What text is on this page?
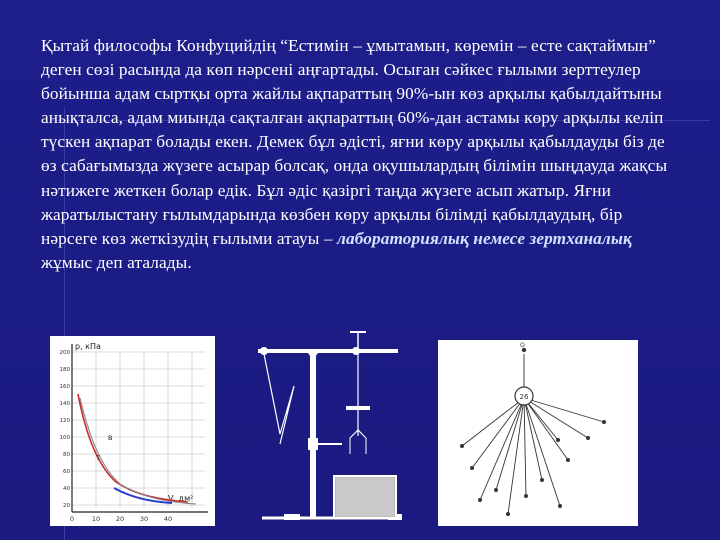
Қытай философы Конфуцийдің “Естимін – ұмытамын, көремін – есте сақтаймын” деген сөзі расында да көп нәрсені аңғартады. Осыған сәйкес ғылыми зерттеулер бойынша адам сыртқы орта жайлы ақпараттың 90%-ын көз арқылы қабылдайтыны анықталса, адам миында сақталған ақпараттың 60%-дан астамы көру арқылы келіп түскен ақпарат болады екен. Демек бұл әдісті, яғни көру арқылы қабылдауды біз де өз сабағымызда жүзеге асырар болсақ, онда оқушылардың білімін шыңдауда жақсы нәтижеге жеткен болар едік. Бұл әдіс қазіргі таңда жүзеге асып жатыр. Яғни жаратылыстану ғылымдарында көзбен көру арқылы білімді қабылдаудың, бір нәрсеге көз жеткізудің ғылыми атауы – лабораториялық немесе зертханалық жұмыс деп аталады.
p, кПа
V, дм²
200
180
160
140
120
100
80
60
40
20
0	10 20 30 40
T
B
O
26
